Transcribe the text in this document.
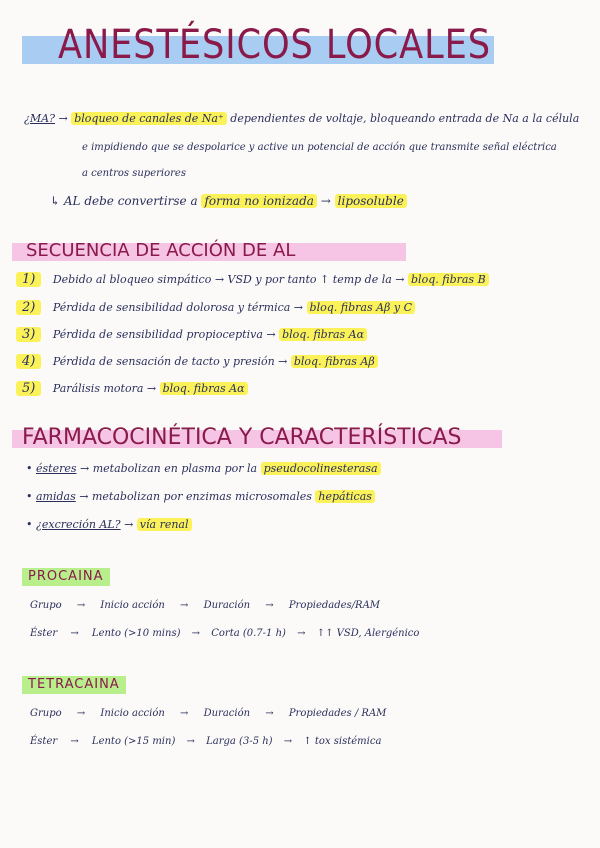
ANESTÉSICOS LOCALES
¿MA? → bloqueo de canales de Na⁺ dependientes de voltaje, bloqueando entrada de Na a la célula
e impidiendo que se despolarice y active un potencial de acción que transmite señal eléctrica
a centros superiores
↳ AL debe convertirse a forma no ionizada → liposoluble
SECUENCIA DE ACCIÓN DE AL
1) Debido al bloqueo simpático → VSD y por tanto ↑ temp de la → bloq. fibras B
2) Pérdida de sensibilidad dolorosa y térmica → bloq. fibras Aβ y C
3) Pérdida de sensibilidad propioceptiva → bloq. fibras Aα
4) Pérdida de sensación de tacto y presión → bloq. fibras Aβ
5) Parálisis motora → bloq. fibras Aα
FARMACOCINÉTICA Y CARACTERÍSTICAS
• ésteres → metabolizan en plasma por la pseudocolinesterasa
• amidas → metabolizan por enzimas microsomales hepáticas
• ¿excreción AL? → vía renal
PROCAINA
Grupo → Inicio acción → Duración → Propiedades/RAM
Éster → Lento (>10 mins) → Corta (0.7-1 h) → ↑↑ VSD, Alergénico
TETRACAINA
Grupo → Inicio acción → Duración → Propiedades / RAM
Éster → Lento (>15 min) → Larga (3-5 h) → ↑ tox sistémica
